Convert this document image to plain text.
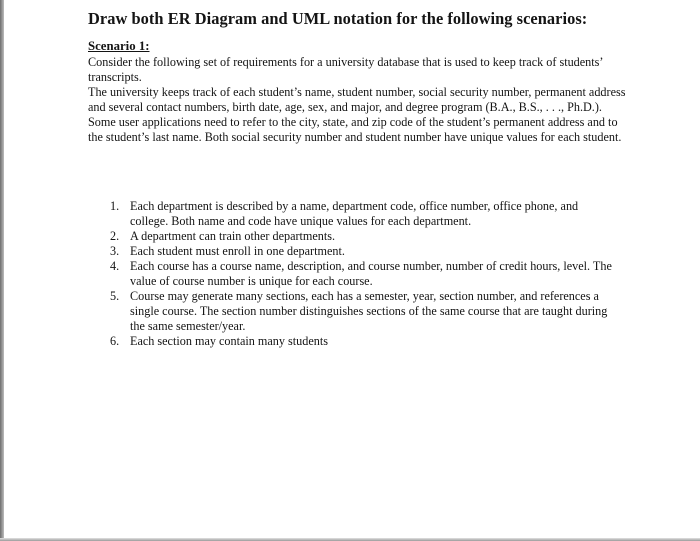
Draw both ER Diagram and UML notation for the following scenarios:
Scenario 1:

Consider the following set of requirements for a university database that is used to keep track of students’ transcripts.

The university keeps track of each student’s name, student number, social security number, permanent address and several contact numbers, birth date, age, sex, and major, and degree program (B.A., B.S., . . ., Ph.D.).

Some user applications need to refer to the city, state, and zip code of the student’s permanent address and to the student’s last name. Both social security number and student number have unique values for each student.

1. Each department is described by a name, department code, office number, office phone, and college. Both name and code have unique values for each department.
2. A department can train other departments.
3. Each student must enroll in one department.
4. Each course has a course name, description, and course number, number of credit hours, level. The value of course number is unique for each course.
5. Course may generate many sections, each has a semester, year, section number, and references a single course. The section number distinguishes sections of the same course that are taught during the same semester/year.
6. Each section may contain many students
